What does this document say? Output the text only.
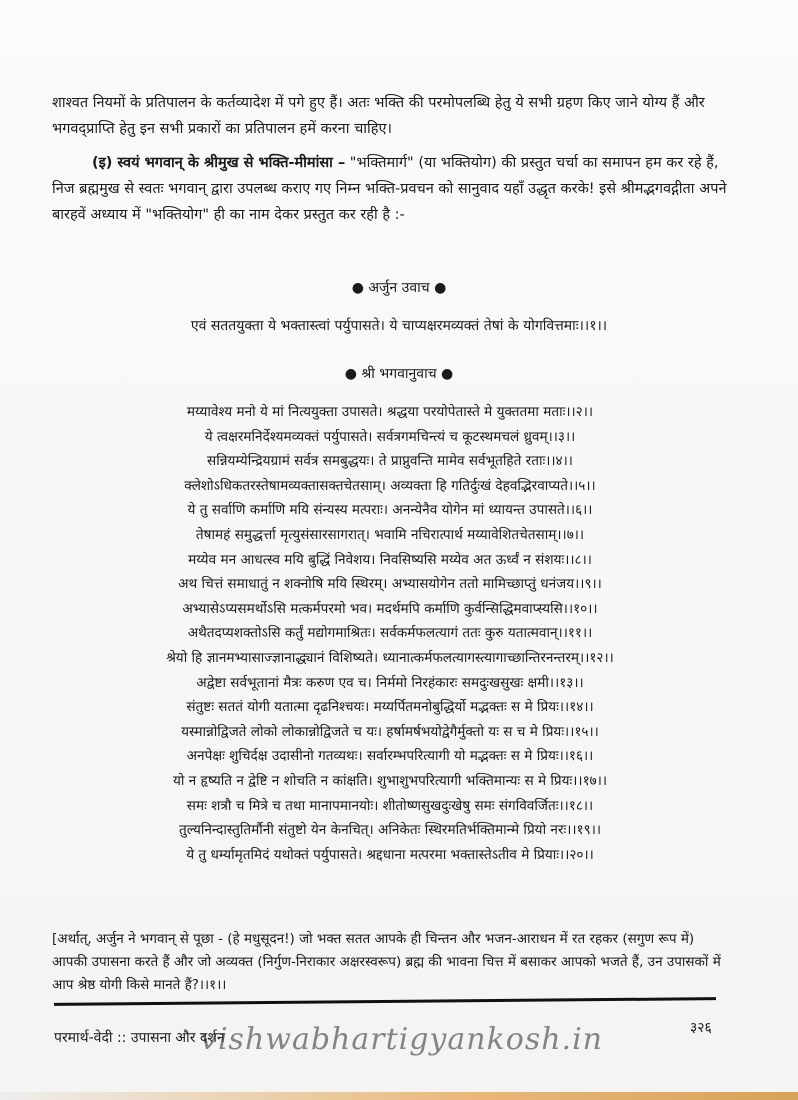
शाश्वत नियमों के प्रतिपालन के कर्तव्यादेश में पगे हुए हैं। अतः भक्ति की परमोपलब्धि हेतु ये सभी ग्रहण किए जाने योग्य हैं और भगवद्प्राप्ति हेतु इन सभी प्रकारों का प्रतिपालन हमें करना चाहिए।
(इ) स्वयं भगवान् के श्रीमुख से भक्ति-मीमांसा – "भक्तिमार्ग" (या भक्तियोग) की प्रस्तुत चर्चा का समापन हम कर रहे हैं, निज ब्रह्ममुख से स्वतः भगवान् द्वारा उपलब्ध कराए गए निम्न भक्ति-प्रवचन को सानुवाद यहाँ उद्धृत करके! इसे श्रीमद्भगवद्गीता अपने बारहवें अध्याय में "भक्तियोग" ही का नाम देकर प्रस्तुत कर रही है :-
● अर्जुन उवाच ●
एवं सततयुक्ता ये भक्तास्त्वां पर्युपासते। ये चाप्यक्षरमव्यक्तं तेषां के योगवित्तमाः।।१।।
● श्री भगवानुवाच ●
मय्यावेश्य मनो ये मां नित्ययुक्ता उपासते। श्रद्धया परयोपेतास्ते मे युक्ततमा मताः।।२।।
ये त्वक्षरमनिर्देश्यमव्यक्तं पर्युपासते। सर्वत्रगमचिन्त्यं च कूटस्थमचलं ध्रुवम्।।३।।
सन्नियम्येन्द्रियग्रामं सर्वत्र समबुद्धयः। ते प्राप्नुवन्ति मामेव सर्वभूतहिते रताः।।४।।
क्लेशोऽधिकतरस्तेषामव्यक्तासक्तचेतसाम्। अव्यक्ता हि गतिर्दुःखं देहवद्भिरवाप्यते।।५।।
ये तु सर्वाणि कर्माणि मयि संन्यस्य मत्पराः। अनन्येनैव योगेन मां ध्यायन्त उपासते।।६।।
तेषामहं समुद्धर्त्ता मृत्युसंसारसागरात्। भवामि नचिरात्पार्थ मय्यावेशितचेतसाम्।।७।।
मय्येव मन आधत्स्व मयि बुद्धिं निवेशय। निवसिष्यसि मय्येव अत ऊर्ध्वं न संशयः।।८।।
अथ चित्तं समाधातुं न शक्नोषि मयि स्थिरम्। अभ्यासयोगेन ततो मामिच्छाप्तुं धनंजय।।९।।
अभ्यासेऽप्यसमर्थोऽसि मत्कर्मपरमो भव। मदर्थमपि कर्माणि कुर्वन्सिद्धिमवाप्स्यसि।।१०।।
अथैतदप्यशक्तोऽसि कर्तुं मद्योगमाश्रितः। सर्वकर्मफलत्यागं ततः कुरु यतात्मवान्।।११।।
श्रेयो हि ज्ञानमभ्यासाज्ज्ञानाद्ध्यानं विशिष्यते। ध्यानात्कर्मफलत्यागस्त्यागाच्छान्तिरनन्तरम्।।१२।।
अद्वेष्टा सर्वभूतानां मैत्रः करुण एव च। निर्ममो निरहंकारः समदुःखसुखः क्षमी।।१३।।
संतुष्टः सततं योगी यतात्मा दृढनिश्चयः। मय्यर्पितमनोबुद्धिर्यो मद्भक्तः स मे प्रियः।।१४।।
यस्मान्नोद्विजते लोको लोकान्नोद्विजते च यः। हर्षामर्षभयोद्वेगैर्मुक्तो यः स च मे प्रियः।।१५।।
अनपेक्षः शुचिर्दक्ष उदासीनो गतव्यथः। सर्वारम्भपरित्यागी यो मद्भक्तः स मे प्रियः।।१६।।
यो न हृष्यति न द्वेष्टि न शोचति न कांक्षति। शुभाशुभपरित्यागी भक्तिमान्यः स मे प्रियः।।१७।।
समः शत्रौ च मित्रे च तथा मानापमानयोः। शीतोष्णसुखदुःखेषु समः संगविवर्जितः।।१८।।
तुल्यनिन्दास्तुतिर्मौनी संतुष्टो येन केनचित्। अनिकेतः स्थिरमतिर्भक्तिमान्मे प्रियो नरः।।१९।।
ये तु धर्म्यामृतमिदं यथोक्तं पर्युपासते। श्रद्दधाना मत्परमा भक्तास्तेऽतीव मे प्रियाः।।२०।।
[अर्थात्, अर्जुन ने भगवान् से पूछा - (हे मधुसूदन!) जो भक्त सतत आपके ही चिन्तन और भजन-आराधन में रत रहकर (सगुण रूप में) आपकी उपासना करते हैं और जो अव्यक्त (निर्गुण-निराकार अक्षरस्वरूप) ब्रह्म की भावना चित्त में बसाकर आपको भजते हैं, उन उपासकों में आप श्रेष्ठ योगी किसे मानते हैं?।।१।।
परमार्थ-वेदी :: उपासना और दर्शन
vishwabhartigyankosh.in	३२६
